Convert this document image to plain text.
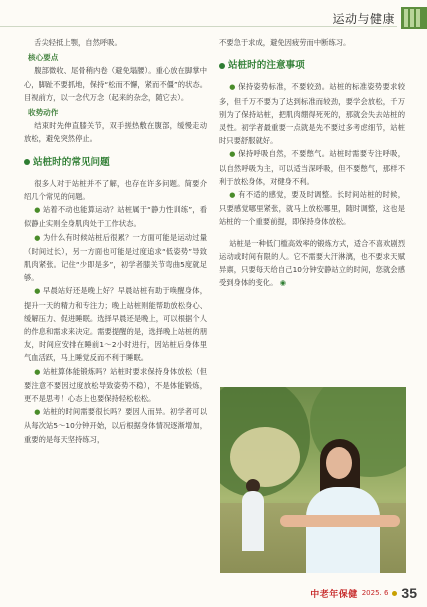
运动与健康

舌尖轻抵上颚，自然呼吸。

核心要点

腹部微收、尾骨稍内卷（避免塌腰）。重心放在脚掌中心，脚趾不要抓地，保持“松而不懈，紧而不僵”的状态。目视前方，以一念代万念（起来的杂念，随它去）。

收势动作

结束时先伸直膝关节，双手搓热敷在腹部，缓慢走动放松，避免突然停止。

站桩时的常见问题

很多人对于站桩并不了解，也存在许多问题。简要介绍几个常见的问题。

● 站着不动也能算运动？站桩属于“静力性训练”，看似静止实则全身肌肉处于工作状态。

● 为什么有时候站桩后很累？一方面可能是运动过量（时间过长），另一方面也可能是过度追求“低姿势”导致肌肉紧张。记住“少即是多”，初学者膝关节弯曲5度就足够。

● 早晨站好还是晚上好？早晨站桩有助于唤醒身体，提升一天的精力和专注力；晚上站桩则能帮助放松身心、缓解压力、促进睡眠。选择早晨还是晚上，可以根据个人的作息和需求来决定。需要提醒的是，选择晚上站桩的朋友，时间应安排在睡前1～2小时进行，因站桩后身体里气血活跃，马上睡觉反而不利于睡眠。

● 站桩算体能锻炼吗？站桩时要求保持身体放松（但要注意不要因过度放松导致姿势不稳），不是体能锻炼，更不是思考！心态上也要保持轻松松松。

● 站桩的时间需要很长吗？要因人而异。初学者可以从每次站5～10分钟开始，以后根据身体情况逐渐增加，重要的是每天坚持练习，

不要急于求成，避免因疲劳而中断练习。

站桩时的注意事项

● 保持姿势标准，不要较劲。站桩的标准姿势要求较多，但千万不要为了达到标准而较劲，要学会放松，千万别为了保持站桩，把肌肉绷得死死的，那就会失去站桩的灵性。初学者最重要一点就是先不要过多考虑细节，站桩时只要舒服就好。

● 保持呼吸自然，不要憋气。站桩时需要专注呼吸，以自然呼吸为主，可以适当深呼吸，但不要憋气，那样不利于放松身体，对健身不利。

● 有不适的感觉，要及时调整。长时间站桩的时候，只要感觉哪里紧张，就马上放松哪里，随时调整，这也是站桩的一个重要前提，即保持身体放松。

站桩是一种低门槛高效率的锻炼方式，适合不喜欢剧烈运动或时间有限的人。它不需要大汗淋漓，也不要求天赋异禀，只要每天给自己10分钟安静站立的时间，您就会感受到身体的变化。 ◉

中老年保健 2025. 6 35
